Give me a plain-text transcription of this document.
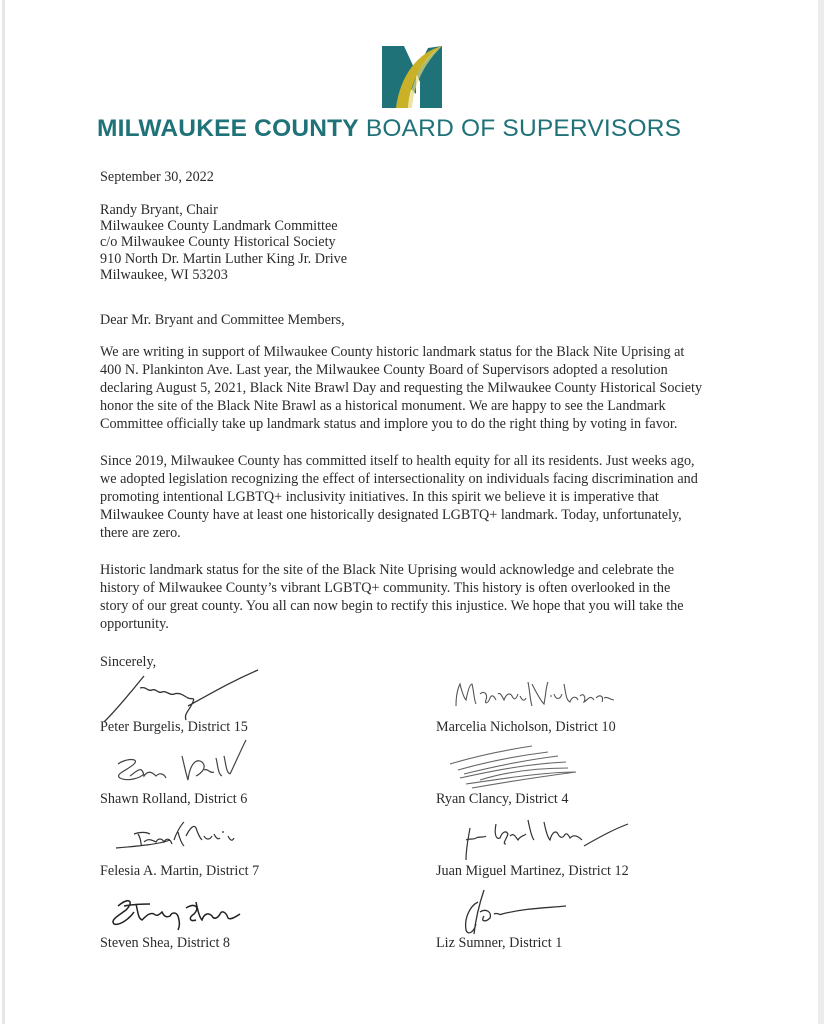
MILWAUKEE COUNTY BOARD OF SUPERVISORS
September 30, 2022
Randy Bryant, Chair
Milwaukee County Landmark Committee
c/o Milwaukee County Historical Society
910 North Dr. Martin Luther King Jr. Drive
Milwaukee, WI 53203
Dear Mr. Bryant and Committee Members,
We are writing in support of Milwaukee County historic landmark status for the Black Nite Uprising at
400 N. Plankinton Ave. Last year, the Milwaukee County Board of Supervisors adopted a resolution
declaring August 5, 2021, Black Nite Brawl Day and requesting the Milwaukee County Historical Society
honor the site of the Black Nite Brawl as a historical monument. We are happy to see the Landmark
Committee officially take up landmark status and implore you to do the right thing by voting in favor.
Since 2019, Milwaukee County has committed itself to health equity for all its residents. Just weeks ago,
we adopted legislation recognizing the effect of intersectionality on individuals facing discrimination and
promoting intentional LGBTQ+ inclusivity initiatives. In this spirit we believe it is imperative that
Milwaukee County have at least one historically designated LGBTQ+ landmark. Today, unfortunately,
there are zero.
Historic landmark status for the site of the Black Nite Uprising would acknowledge and celebrate the
history of Milwaukee County’s vibrant LGBTQ+ community. This history is often overlooked in the
story of our great county. You all can now begin to rectify this injustice. We hope that you will take the
opportunity.
Sincerely,
Peter Burgelis, District 15
Shawn Rolland, District 6
Felesia A. Martin, District 7
Steven Shea, District 8
Marcelia Nicholson, District 10
Ryan Clancy, District 4
Juan Miguel Martinez, District 12
Liz Sumner, District 1
